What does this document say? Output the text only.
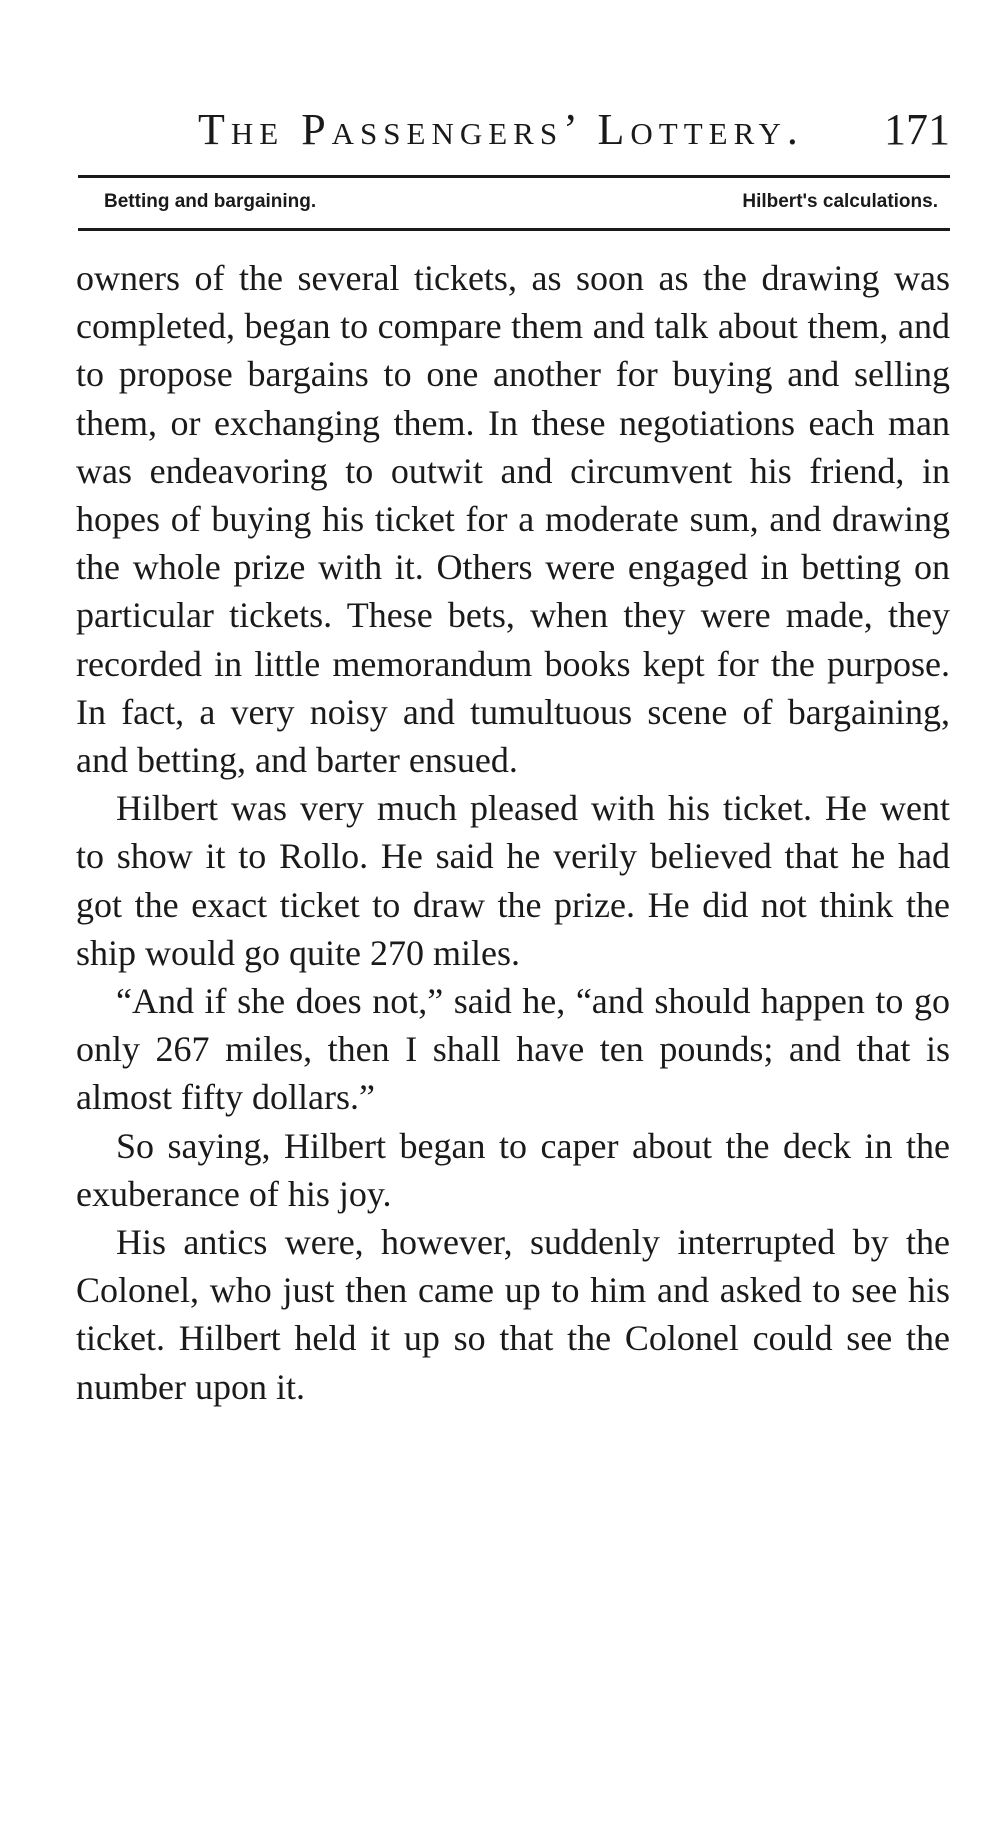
The Passengers’ Lottery. 171
Betting and bargaining.	Hilbert's calculations.

owners of the several tickets, as soon as the drawing was completed, began to compare them and talk about them, and to propose bargains to one another for buying and selling them, or exchanging them. In these negotiations each man was endeavoring to outwit and circumvent his friend, in hopes of buying his ticket for a moderate sum, and drawing the whole prize with it. Others were engaged in betting on particular tickets. These bets, when they were made, they recorded in little memorandum books kept for the purpose. In fact, a very noisy and tumultuous scene of bargaining, and betting, and barter ensued.

Hilbert was very much pleased with his ticket. He went to show it to Rollo. He said he verily believed that he had got the exact ticket to draw the prize. He did not think the ship would go quite 270 miles.

“And if she does not,” said he, “and should happen to go only 267 miles, then I shall have ten pounds; and that is almost fifty dollars.”

So saying, Hilbert began to caper about the deck in the exuberance of his joy.

His antics were, however, suddenly interrupted by the Colonel, who just then came up to him and asked to see his ticket. Hilbert held it up so that the Colonel could see the number upon it.
